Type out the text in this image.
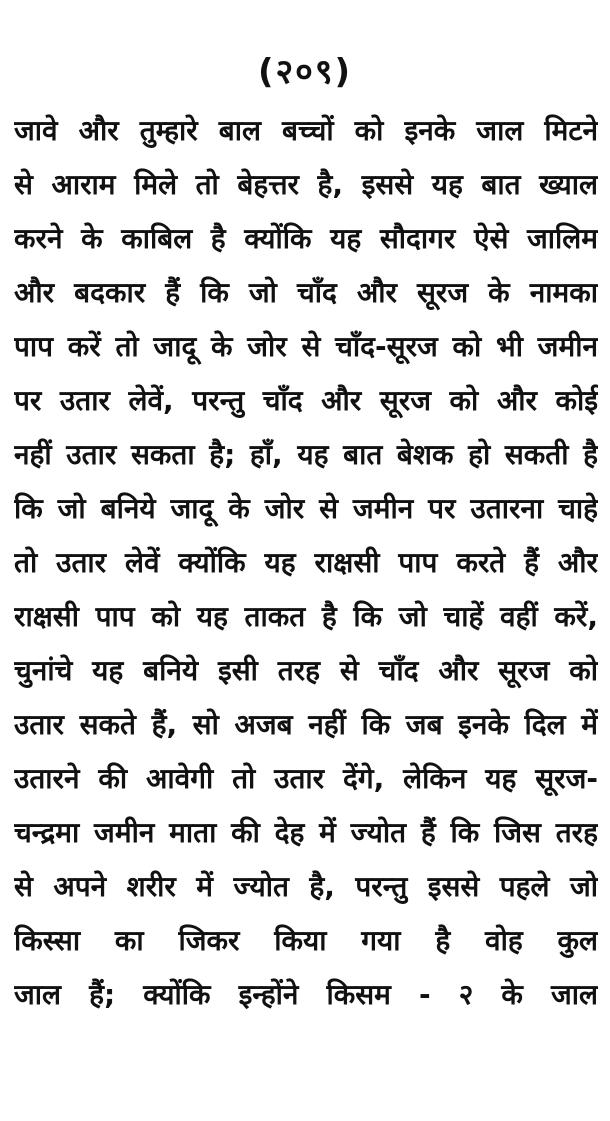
(२०९)
जावे और तुम्हारे बाल बच्चों को इनके जाल मिटने
से आराम मिले तो बेहत्तर है, इससे यह बात ख्याल
करने के काबिल है क्योंकि यह सौदागर ऐसे जालिम
और बदकार हैं कि जो चाँद और सूरज के नामका
पाप करें तो जादू के जोर से चाँद-सूरज को भी जमीन
पर उतार लेवें, परन्तु चाँद और सूरज को और कोई
नहीं उतार सकता है; हाँ, यह बात बेशक हो सकती है
कि जो बनिये जादू के जोर से जमीन पर उतारना चाहे
तो उतार लेवें क्योंकि यह राक्षसी पाप करते हैं और
राक्षसी पाप को यह ताकत है कि जो चाहें वहीं करें,
चुनांचे यह बनिये इसी तरह से चाँद और सूरज को
उतार सकते हैं, सो अजब नहीं कि जब इनके दिल में
उतारने की आवेगी तो उतार देंगे, लेकिन यह सूरज-
चन्द्रमा जमीन माता की देह में ज्योत हैं कि जिस तरह
से अपने शरीर में ज्योत है, परन्तु इससे पहले जो
किस्सा का जिकर किया गया है वोह कुल
जाल हैं; क्योंकि इन्होंने किसम - २ के जाल
